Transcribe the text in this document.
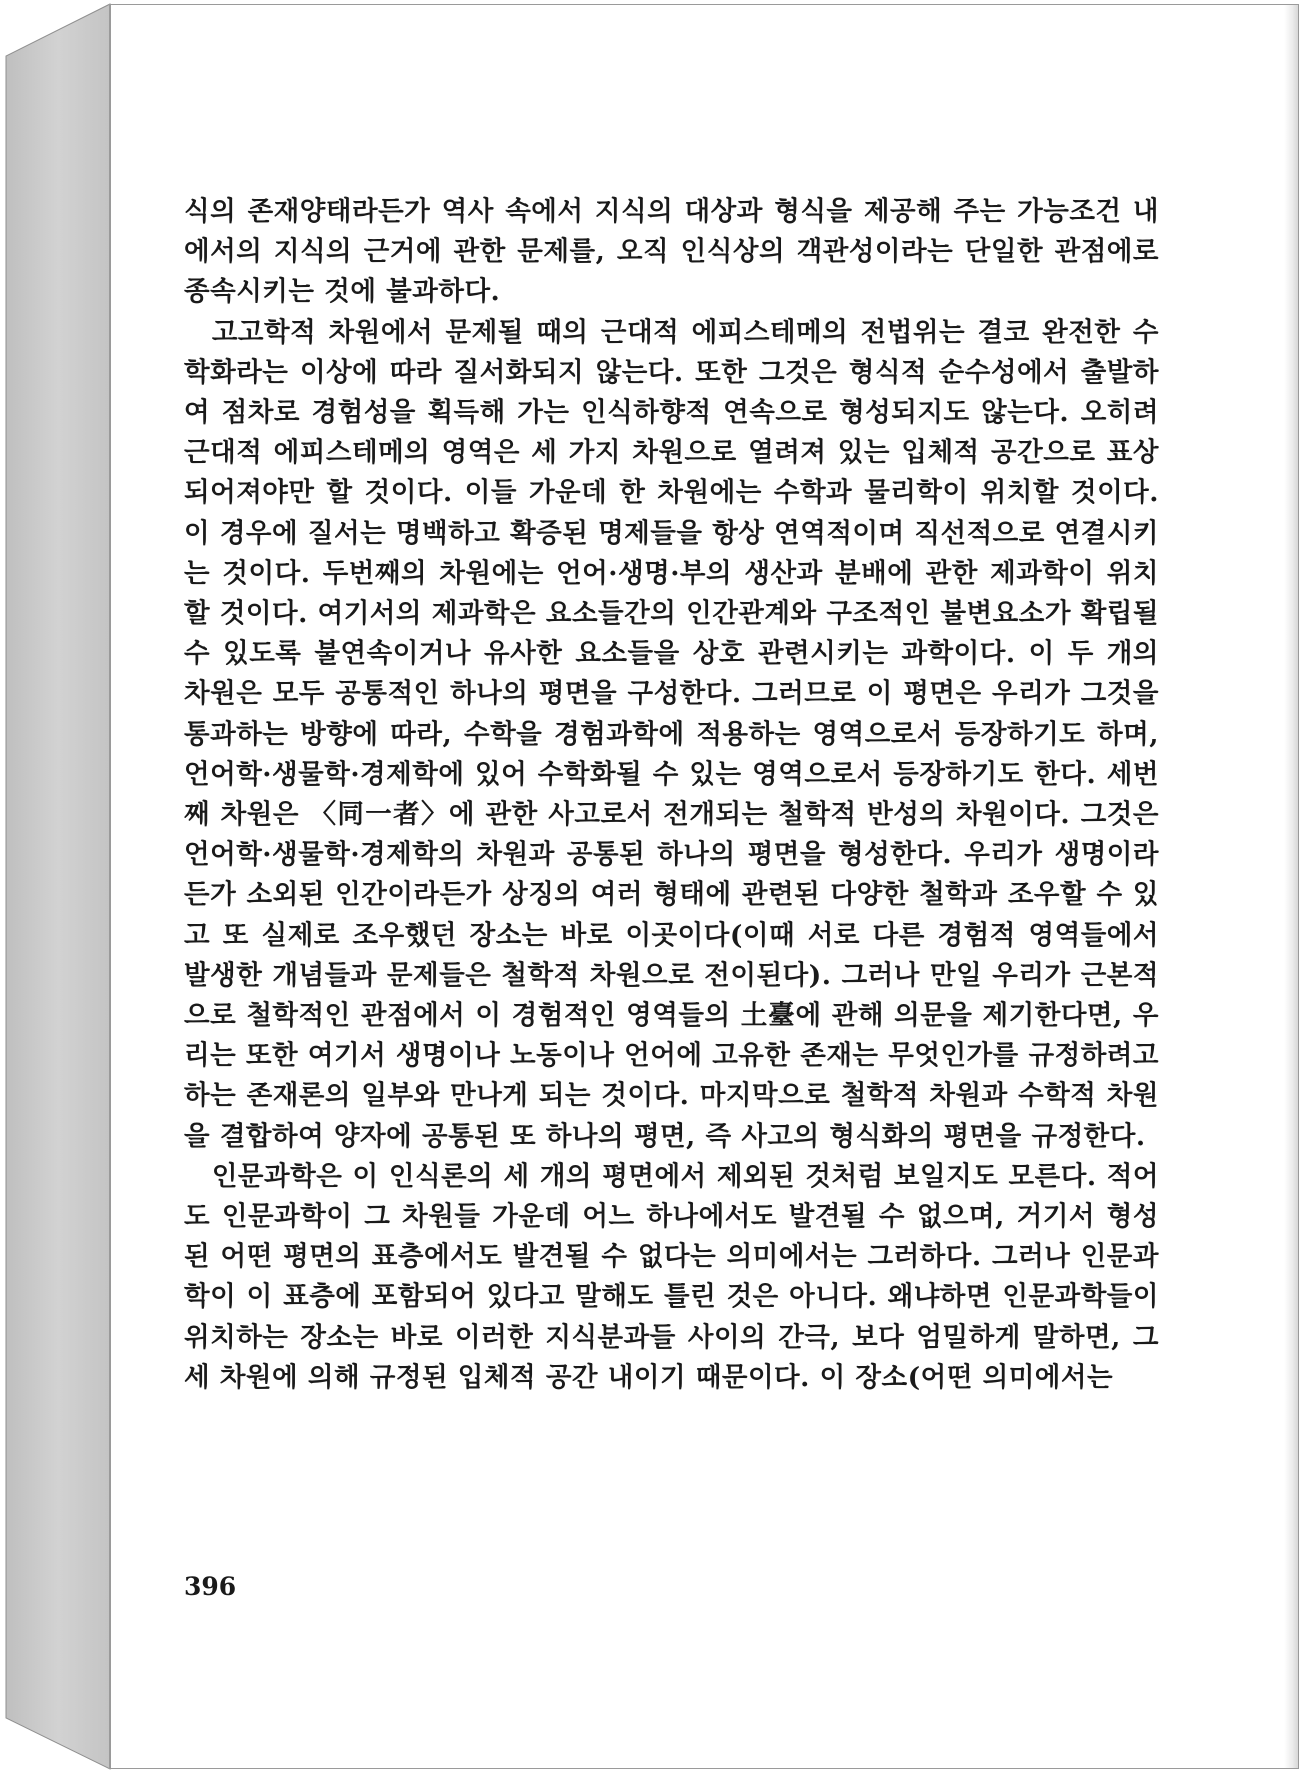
식의 존재양태라든가 역사 속에서 지식의 대상과 형식을 제공해 주는 가능조건 내에서의 지식의 근거에 관한 문제를, 오직 인식상의 객관성이라는 단일한 관점에로 종속시키는 것에 불과하다.

고고학적 차원에서 문제될 때의 근대적 에피스테메의 전법위는 결코 완전한 수학화라는 이상에 따라 질서화되지 않는다. 또한 그것은 형식적 순수성에서 출발하여 점차로 경험성을 획득해 가는 인식하향적 연속으로 형성되지도 않는다. 오히려 근대적 에피스테메의 영역은 세 가지 차원으로 열려져 있는 입체적 공간으로 표상되어져야만 할 것이다. 이들 가운데 한 차원에는 수학과 물리학이 위치할 것이다. 이 경우에 질서는 명백하고 확증된 명제들을 항상 연역적이며 직선적으로 연결시키는 것이다. 두번째의 차원에는 언어·생명·부의 생산과 분배에 관한 제과학이 위치할 것이다. 여기서의 제과학은 요소들간의 인간관계와 구조적인 불변요소가 확립될 수 있도록 불연속이거나 유사한 요소들을 상호 관련시키는 과학이다. 이 두 개의 차원은 모두 공통적인 하나의 평면을 구성한다. 그러므로 이 평면은 우리가 그것을 통과하는 방향에 따라, 수학을 경험과학에 적용하는 영역으로서 등장하기도 하며, 언어학·생물학·경제학에 있어 수학화될 수 있는 영역으로서 등장하기도 한다. 세번째 차원은 〈同一者〉에 관한 사고로서 전개되는 철학적 반성의 차원이다. 그것은 언어학·생물학·경제학의 차원과 공통된 하나의 평면을 형성한다. 우리가 생명이라든가 소외된 인간이라든가 상징의 여러 형태에 관련된 다양한 철학과 조우할 수 있고 또 실제로 조우했던 장소는 바로 이곳이다(이때 서로 다른 경험적 영역들에서 발생한 개념들과 문제들은 철학적 차원으로 전이된다). 그러나 만일 우리가 근본적으로 철학적인 관점에서 이 경험적인 영역들의 土臺에 관해 의문을 제기한다면, 우리는 또한 여기서 생명이나 노동이나 언어에 고유한 존재는 무엇인가를 규정하려고 하는 존재론의 일부와 만나게 되는 것이다. 마지막으로 철학적 차원과 수학적 차원을 결합하여 양자에 공통된 또 하나의 평면, 즉 사고의 형식화의 평면을 규정한다.

인문과학은 이 인식론의 세 개의 평면에서 제외된 것처럼 보일지도 모른다. 적어도 인문과학이 그 차원들 가운데 어느 하나에서도 발견될 수 없으며, 거기서 형성된 어떤 평면의 표층에서도 발견될 수 없다는 의미에서는 그러하다. 그러나 인문과학이 이 표층에 포함되어 있다고 말해도 틀린 것은 아니다. 왜냐하면 인문과학들이 위치하는 장소는 바로 이러한 지식분과들 사이의 간극, 보다 엄밀하게 말하면, 그 세 차원에 의해 규정된 입체적 공간 내이기 때문이다. 이 장소(어떤 의미에서는

396
